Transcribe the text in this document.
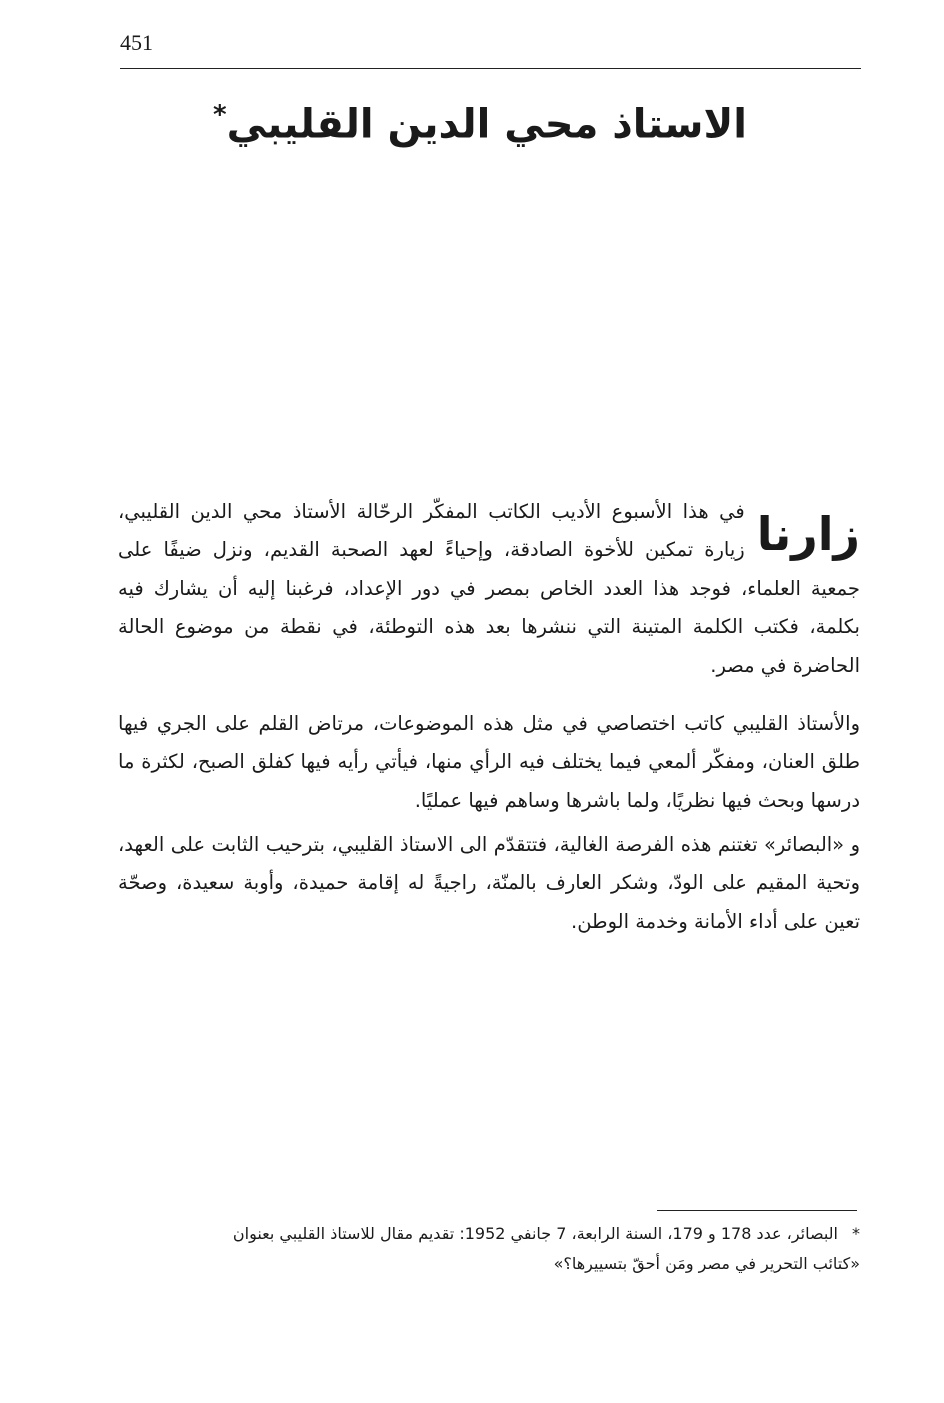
451
الاستاذ محي الدين القليبي*
زارنا
في هذا الأسبوع الأديب الكاتب المفكّر الرحّالة الأستاذ محي الدين القليبي، زيارة تمكين للأخوة الصادقة، وإحياءً لعهد الصحبة القديم، ونزل ضيفًا على جمعية العلماء، فوجد هذا العدد الخاص بمصر في دور الإعداد، فرغبنا إليه أن يشارك فيه بكلمة، فكتب الكلمة المتينة التي ننشرها بعد هذه التوطئة، في نقطة من موضوع الحالة الحاضرة في مصر.
والأستاذ القليبي كاتب اختصاصي في مثل هذه الموضوعات، مرتاض القلم على الجري فيها طلق العنان، ومفكّر ألمعي فيما يختلف فيه الرأي منها، فيأتي رأيه فيها كفلق الصبح، لكثرة ما درسها وبحث فيها نظريًا، ولما باشرها وساهم فيها عمليًا.
و «البصائر» تغتنم هذه الفرصة الغالية، فتتقدّم الى الاستاذ القليبي، بترحيب الثابت على العهد، وتحية المقيم على الودّ، وشكر العارف بالمنّة، راجيةً له إقامة حميدة، وأوبة سعيدة، وصحّة تعين على أداء الأمانة وخدمة الوطن.
*البصائر، عدد 178 و 179، السنة الرابعة، 7 جانفي 1952: تقديم مقال للاستاذ القليبي بعنوان
«كتائب التحرير في مصر ومَن أحقّ بتسييرها؟»
